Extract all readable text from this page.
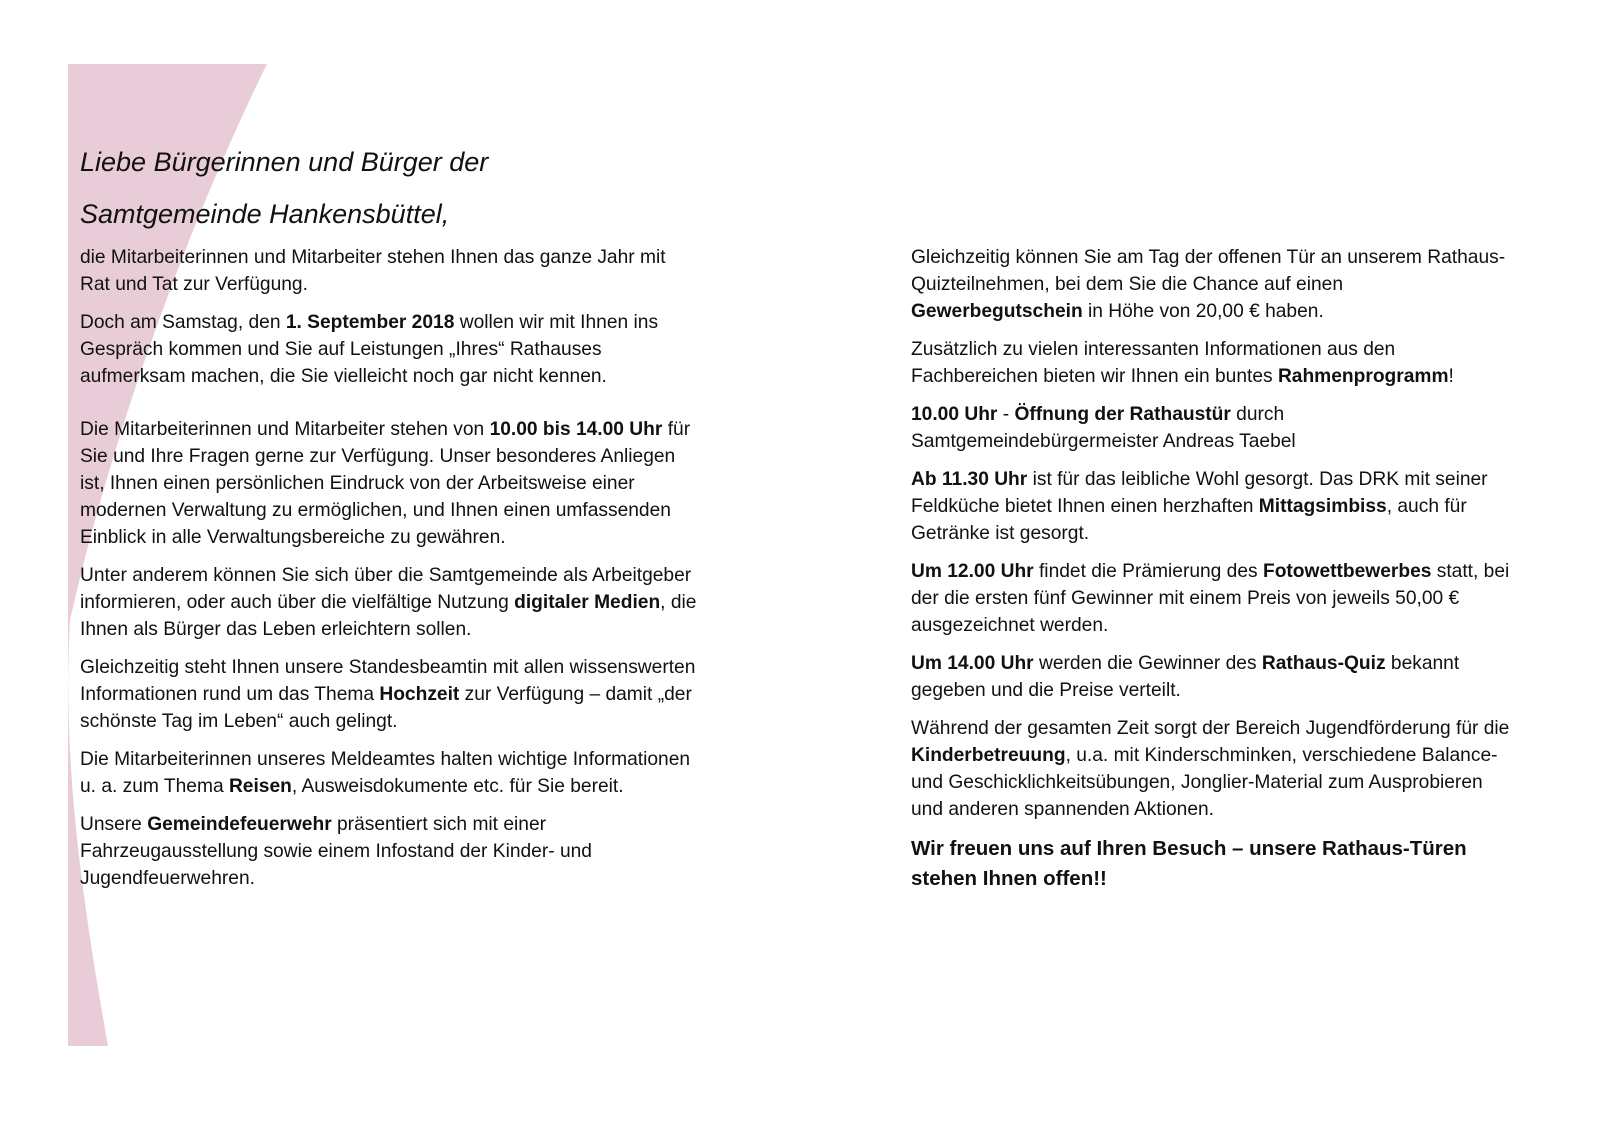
Liebe Bürgerinnen und Bürger der
Samtgemeinde Hankensbüttel,

die Mitarbeiterinnen und Mitarbeiter stehen Ihnen das ganze Jahr mit Rat und Tat zur Verfügung.

Doch am Samstag, den 1. September 2018 wollen wir mit Ihnen ins Gespräch kommen und Sie auf Leistungen „Ihres“ Rathauses aufmerksam machen, die Sie vielleicht noch gar nicht kennen.

Die Mitarbeiterinnen und Mitarbeiter stehen von 10.00 bis 14.00 Uhr für Sie und Ihre Fragen gerne zur Verfügung. Unser besonderes Anliegen ist, Ihnen einen persönlichen Eindruck von der Arbeitsweise einer modernen Verwaltung zu ermöglichen, und Ihnen einen umfassenden Einblick in alle Verwaltungsbereiche zu gewähren.

Unter anderem können Sie sich über die Samtgemeinde als Arbeitgeber informieren, oder auch über die vielfältige Nutzung digitaler Medien, die Ihnen als Bürger das Leben erleichtern sollen.

Gleichzeitig steht Ihnen unsere Standesbeamtin mit allen wissenswerten Informationen rund um das Thema Hochzeit zur Verfügung – damit „der schönste Tag im Leben“ auch gelingt.

Die Mitarbeiterinnen unseres Meldeamtes halten wichtige Informationen u. a. zum Thema Reisen, Ausweisdokumente etc. für Sie bereit.

Unsere Gemeindefeuerwehr präsentiert sich mit einer Fahrzeugausstellung sowie einem Infostand der Kinder- und Jugendfeuerwehren.

Gleichzeitig können Sie am Tag der offenen Tür an unserem Rathaus-Quizteilnehmen, bei dem Sie die Chance auf einen Gewerbegutschein in Höhe von 20,00 € haben.

Zusätzlich zu vielen interessanten Informationen aus den Fachbereichen bieten wir Ihnen ein buntes Rahmenprogramm!

10.00 Uhr - Öffnung der Rathaustür durch Samtgemeindebürgermeister Andreas Taebel

Ab 11.30 Uhr ist für das leibliche Wohl gesorgt. Das DRK mit seiner Feldküche bietet Ihnen einen herzhaften Mittagsimbiss, auch für Getränke ist gesorgt.

Um 12.00 Uhr findet die Prämierung des Fotowettbewerbes statt, bei der die ersten fünf Gewinner mit einem Preis von jeweils 50,00 € ausgezeichnet werden.

Um 14.00 Uhr werden die Gewinner des Rathaus-Quiz bekannt gegeben und die Preise verteilt.

Während der gesamten Zeit sorgt der Bereich Jugendförderung für die Kinderbetreuung, u.a. mit Kinderschminken, verschiedene Balance- und Geschicklichkeitsübungen, Jonglier-Material zum Ausprobieren und anderen spannenden Aktionen.

Wir freuen uns auf Ihren Besuch – unsere Rathaus-Türen stehen Ihnen offen!!
